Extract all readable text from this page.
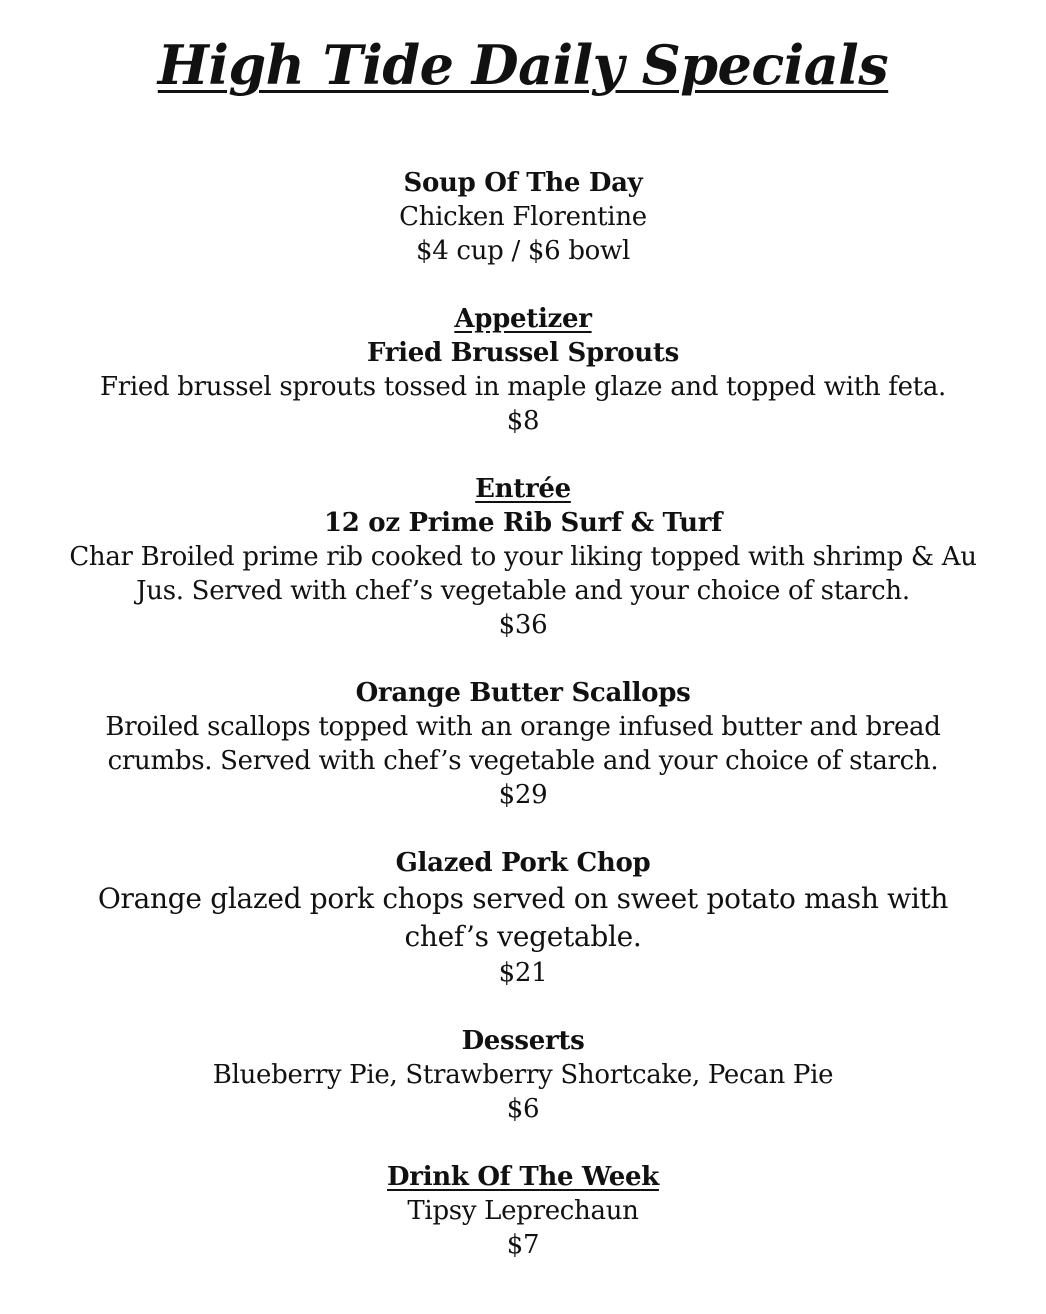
High Tide Daily Specials

Soup Of The Day

Chicken Florentine

$4 cup / $6 bowl

Appetizer

Fried Brussel Sprouts

Fried brussel sprouts tossed in maple glaze and topped with feta.

$8

Entrée

12 oz Prime Rib Surf & Turf

Char Broiled prime rib cooked to your liking topped with shrimp & Au

Jus. Served with chef’s vegetable and your choice of starch.

$36

Orange Butter Scallops

Broiled scallops topped with an orange infused butter and bread

crumbs. Served with chef’s vegetable and your choice of starch.

$29

Glazed Pork Chop

Orange glazed pork chops served on sweet potato mash with

chef’s vegetable.

$21

Desserts

Blueberry Pie, Strawberry Shortcake, Pecan Pie

$6

Drink Of The Week

Tipsy Leprechaun

$7
